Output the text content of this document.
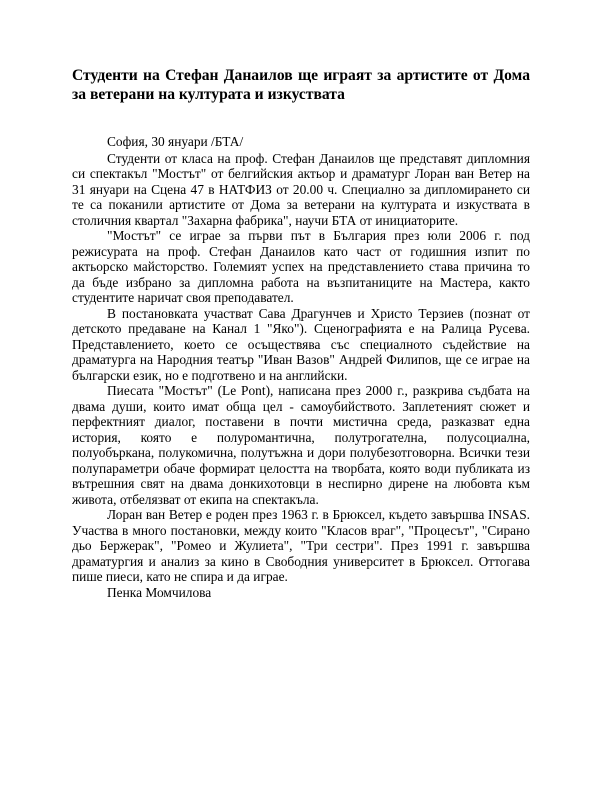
Студенти на Стефан Данаилов ще играят за артистите от Дома за ветерани на културата и изкуствата

София, 30 януари /БТА/

Студенти от класа на проф. Стефан Данаилов ще представят дипломния си спектакъл "Мостът" от белгийския актьор и драматург Лоран ван Ветер на 31 януари на Сцена 47 в НАТФИЗ от 20.00 ч. Специално за дипломирането си те са поканили артистите от Дома за ветерани на културата и изкуствата в столичния квартал "Захарна фабрика", научи БТА от инициаторите.

"Мостът" се играе за първи път в България през юли 2006 г. под режисурата на проф. Стефан Данаилов като част от годишния изпит по актьорско майсторство. Големият успех на представлението става причина то да бъде избрано за дипломна работа на възпитаниците на Мастера, както студентите наричат своя преподавател.

В постановката участват Сава Драгунчев и Христо Терзиев (познат от детското предаване на Канал 1 "Яко"). Сценографията е на Ралица Русева. Представлението, което се осъществява със специалното съдействие на драматурга на Народния театър "Иван Вазов" Андрей Филипов, ще се играе на български език, но е подготвено и на английски.

Пиесата "Мостът" (Le Pont), написана през 2000 г., разкрива съдбата на двама души, които имат обща цел - самоубийството. Заплетеният сюжет и перфектният диалог, поставени в почти мистична среда, разказват една история, която е полуромантична, полутрогателна, полусоциална, полуобъркана, полукомична, полутъжна и дори полубезотговорна. Всички тези полупараметри обаче формират целостта на творбата, която води публиката из вътрешния свят на двама донкихотовци в неспирно дирене на любовта към живота, отбелязват от екипа на спектакъла.

Лоран ван Ветер е роден през 1963 г. в Брюксел, където завършва INSAS. Участва в много постановки, между които "Класов враг", "Процесът", "Сирано дьо Бержерак", "Ромео и Жулиета", "Три сестри". През 1991 г. завършва драматургия и анализ за кино в Свободния университет в Брюксел. Оттогава пише пиеси, като не спира и да играе.

Пенка Момчилова
